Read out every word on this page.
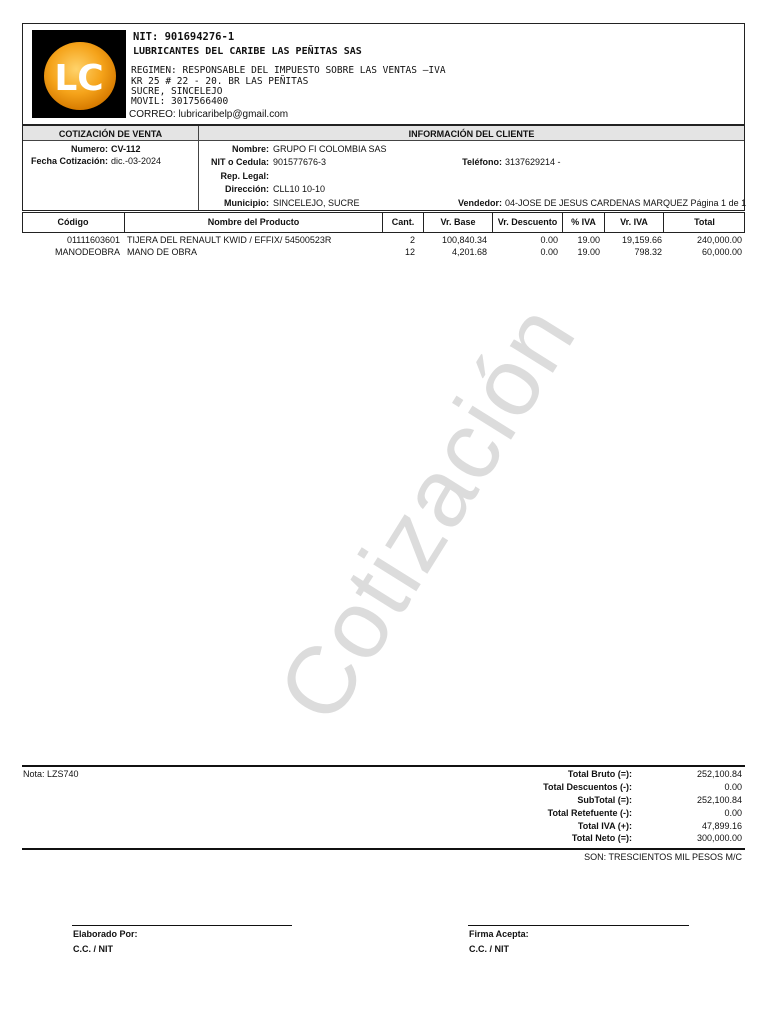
LC
NIT: 901694276-1
LUBRICANTES DEL CARIBE LAS PEÑITAS SAS
REGIMEN: RESPONSABLE DEL IMPUESTO SOBRE LAS VENTAS –IVA
KR 25 # 22 - 20. BR LAS PEÑITAS
SUCRE, SINCELEJO
MOVIL: 3017566400
CORREO: lubricaribelp@gmail.com
COTIZACIÓN DE VENTA	INFORMACIÓN DEL CLIENTE
Numero: CV-112
Fecha Cotización: dic.-03-2024
Nombre: GRUPO FI COLOMBIA SAS
NIT o Cedula: 901577676-3	Teléfono: 3137629214 -
Rep. Legal:
Dirección: CLL10 10-10
Municipio: SINCELEJO, SUCRE	Vendedor: 04-JOSE DE JESUS CARDENAS MARQUEZ Página 1 de 1
Código	Nombre del Producto	Cant.	Vr. Base	Vr. Descuento	% IVA	Vr. IVA	Total
01111603601 TIJERA DEL RENAULT KWID / EFFIX/ 54500523R	2	100,840.34	0.00	19.00	19,159.66	240,000.00
MANODEOBRA MANO DE OBRA	12	4,201.68	0.00	19.00	798.32	60,000.00
Cotización
Nota: LZS740	Total Bruto (=):	252,100.84
Total Descuentos (-):	0.00
SubTotal (=):	252,100.84
Total Retefuente (-):	0.00
Total IVA (+):	47,899.16
Total Neto (=):	300,000.00
SON: TRESCIENTOS MIL PESOS M/C
Elaborado Por:
C.C. / NIT
Firma Acepta:
C.C. / NIT
